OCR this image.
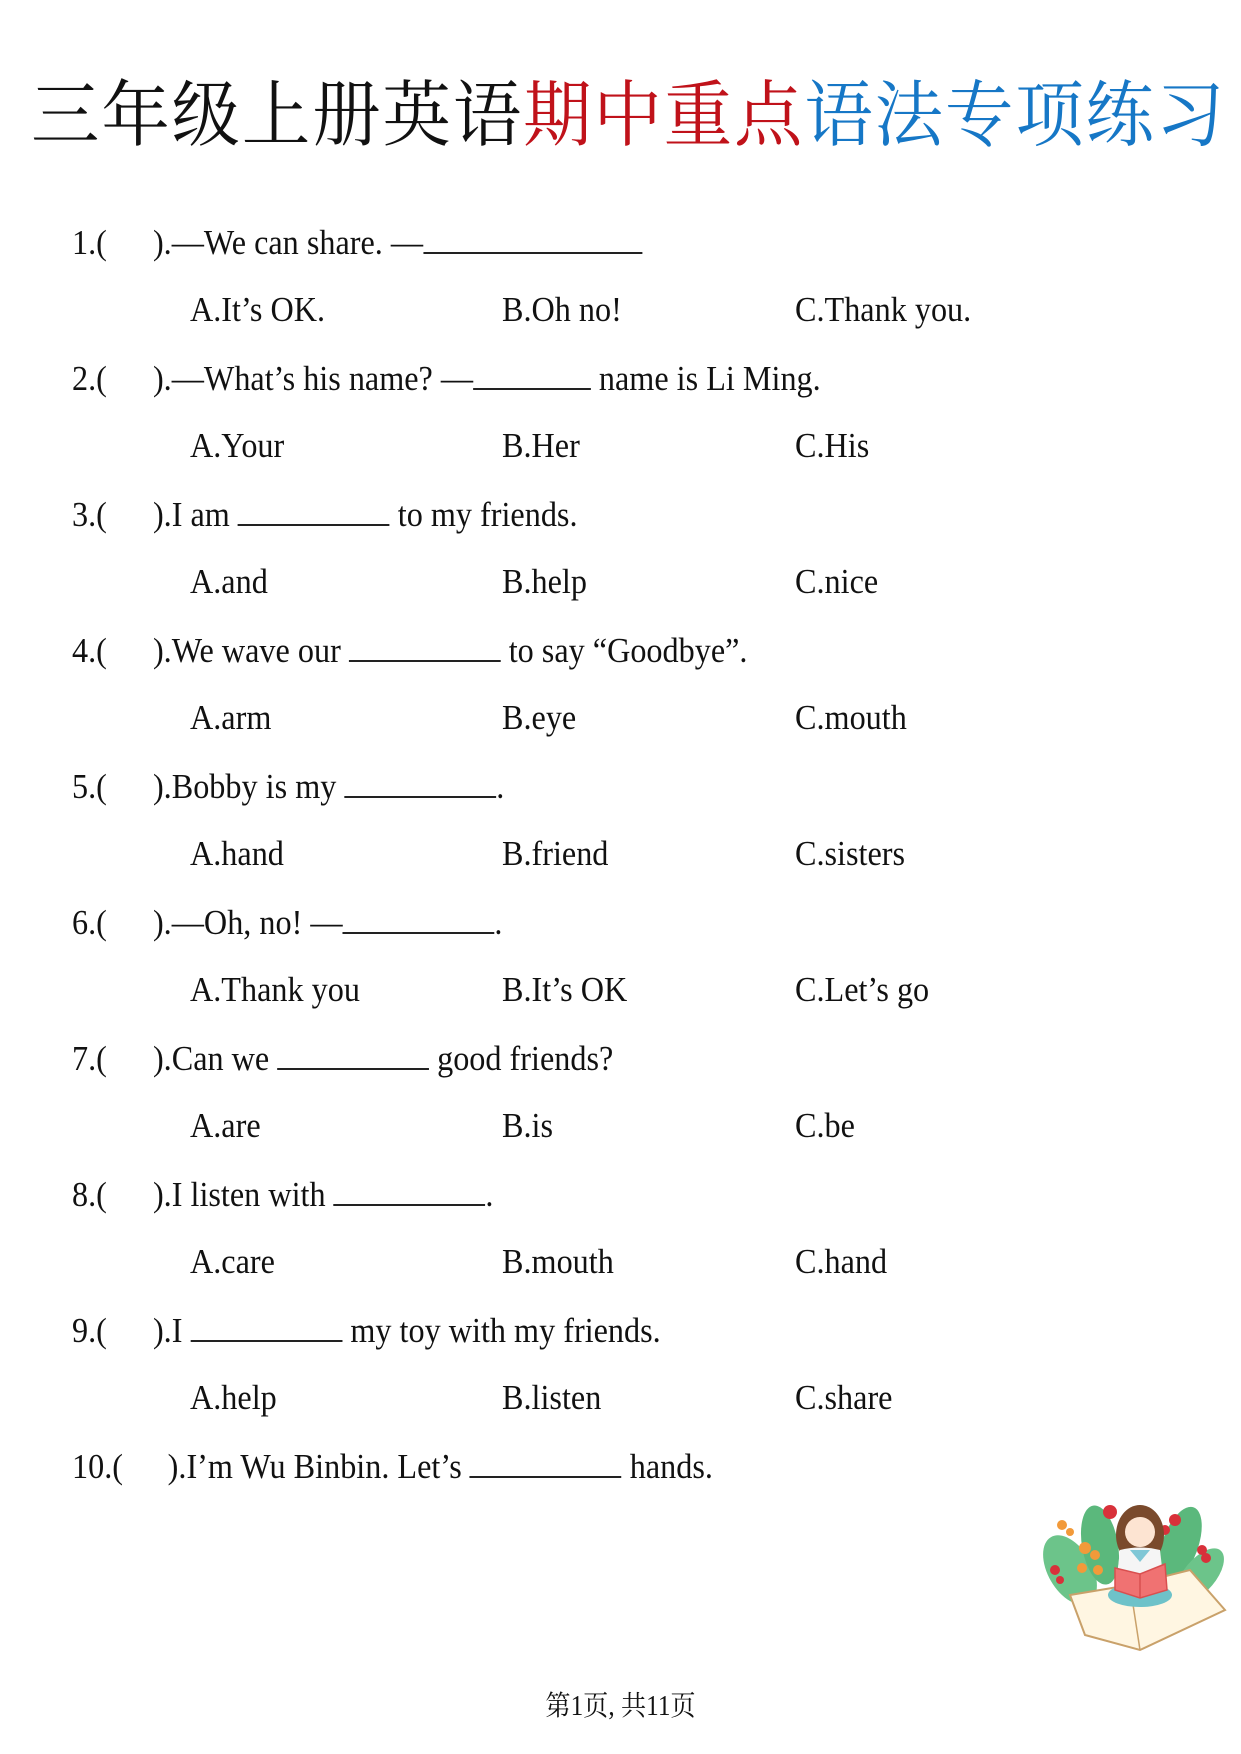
三年级上册英语期中重点语法专项练习
1.( ).—We can share. —
A.It’s OK.	B.Oh no!	C.Thank you.
2.( ).—What’s his name? —	name is Li Ming.
A.Your	B.Her	C.His
3.( ).I am	to my friends.
A.and	B.help	C.nice
4.( ).We wave our	to say “Goodbye”.
A.arm	B.eye	C.mouth
5.( ).Bobby is my	.
A.hand	B.friend	C.sisters
6.( ).—Oh, no! —	.
A.Thank you	B.It’s OK	C.Let’s go
7.( ).Can we	good friends?
A.are	B.is	C.be
8.( ).I listen with	.
A.care	B.mouth	C.hand
9.( ).I	my toy with my friends.
A.help	B.listen	C.share
10.( ).I’m Wu Binbin. Let’s	hands.
第1页, 共11页
